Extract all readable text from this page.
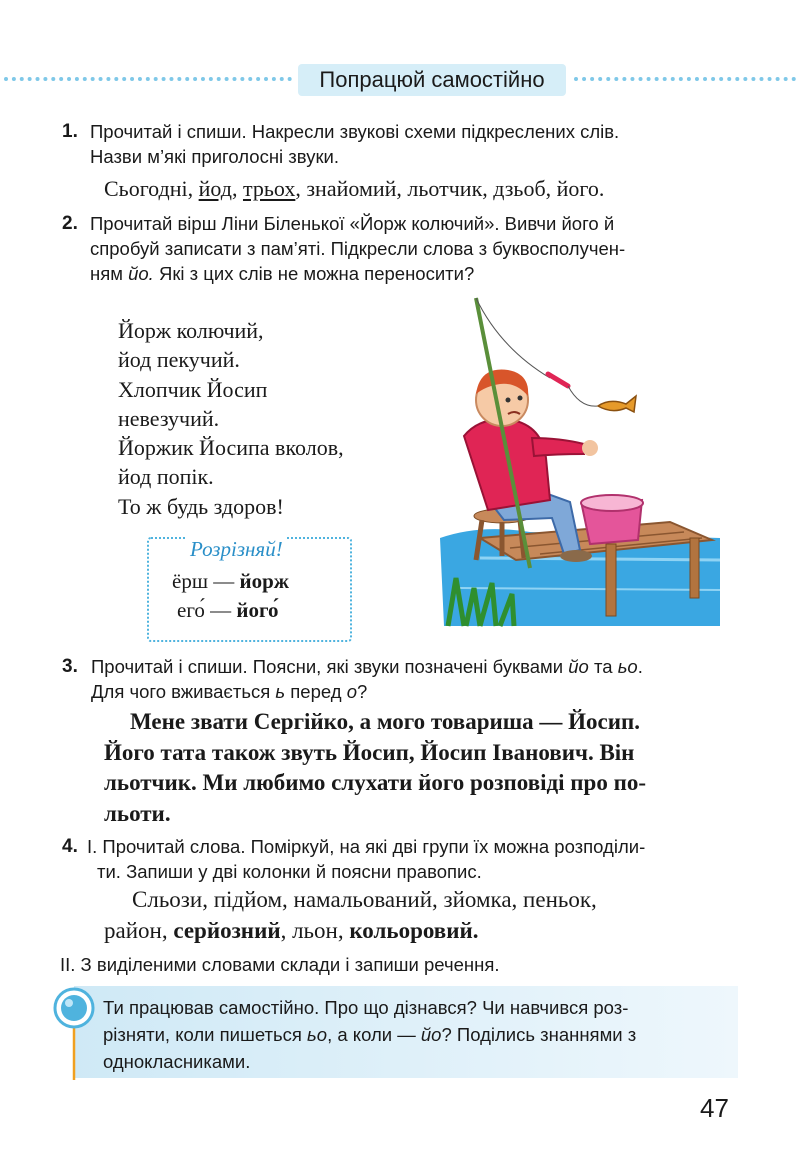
Попрацюй самостійно
1. Прочитай і спиши. Накресли звукові схеми підкреслених слів.
Назви м’які приголосні звуки.
Сьогодні, йод, трьох, знайомий, льотчик, дзьоб, його.
2. Прочитай вірш Ліни Біленької «Йорж колючий». Вивчи його й
спробуй записати з пам’яті. Підкресли слова з буквосполучен-
ням йо. Які з цих слів не можна переносити?
Йорж колючий,
йод пекучий.
Хлопчик Йосип
невезучий.
Йоржик Йосипа вколов,
йод попік.
То ж будь здоров!
Розрізняй!
ёрш — йорж
его́ — його́
3. Прочитай і спиши. Поясни, які звуки позначені буквами йо та ьо.
Для чого вживається ь перед о?
Мене звати Сергійко, а мого товариша — Йосип.
Його тата також звуть Йосип, Йосип Іванович. Він
льотчик. Ми любимо слухати його розповіді про по-
льоти.
4. І. Прочитай слова. Поміркуй, на які дві групи їх можна розподіли-
ти. Запиши у дві колонки й поясни правопис.
Сльози, підйом, намальований, зйомка, пеньок,
район, серйозний, льон, кольоровий.
ІІ. З виділеними словами склади і запиши речення.
Ти працював самостійно. Про що дізнався? Чи навчився роз-
різняти, коли пишеться ьо, а коли — йо? Поділись знаннями з
однокласниками.
47
